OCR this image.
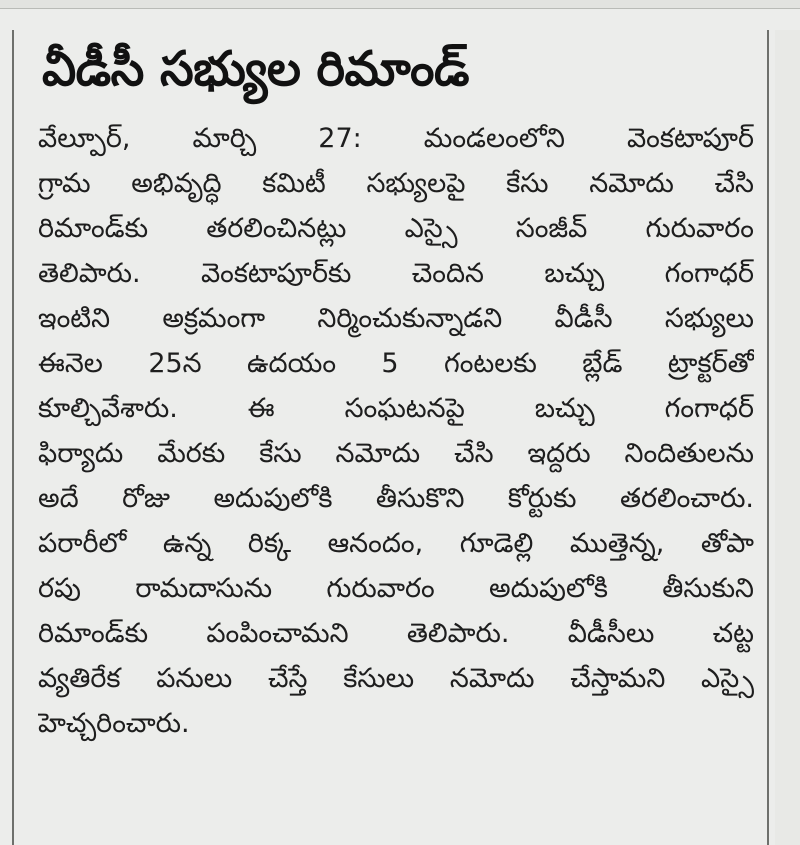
వీడీసీ సభ్యుల రిమాండ్
వేల్పూర్, మార్చి 27: మండలంలోని వెంకటాపూర్
గ్రామ అభివృద్ధి కమిటీ సభ్యులపై కేసు నమోదు చేసి
రిమాండ్‌కు తరలించినట్లు ఎస్సై సంజీవ్ గురువారం
తెలిపారు. వెంకటాపూర్‌కు చెందిన బచ్చు గంగాధర్
ఇంటిని అక్రమంగా నిర్మించుకున్నాడని వీడీసీ సభ్యులు
ఈనెల 25న ఉదయం 5 గంటలకు బ్లేడ్ ట్రాక్టర్‌తో
కూల్చివేశారు. ఈ సంఘటనపై బచ్చు గంగాధర్
ఫిర్యాదు మేరకు కేసు నమోదు చేసి ఇద్దరు నిందితులను
అదే రోజు అదుపులోకి తీసుకొని కోర్టుకు తరలించారు.
పరారీలో ఉన్న రిక్క ఆనందం, గూడెల్లి ముత్తెన్న, తోపా
రపు రామదాసును గురువారం అదుపులోకి తీసుకుని
రిమాండ్‌కు పంపించామని తెలిపారు. వీడీసీలు చట్ట
వ్యతిరేక పనులు చేస్తే కేసులు నమోదు చేస్తామని ఎస్సై
హెచ్చరించారు.
